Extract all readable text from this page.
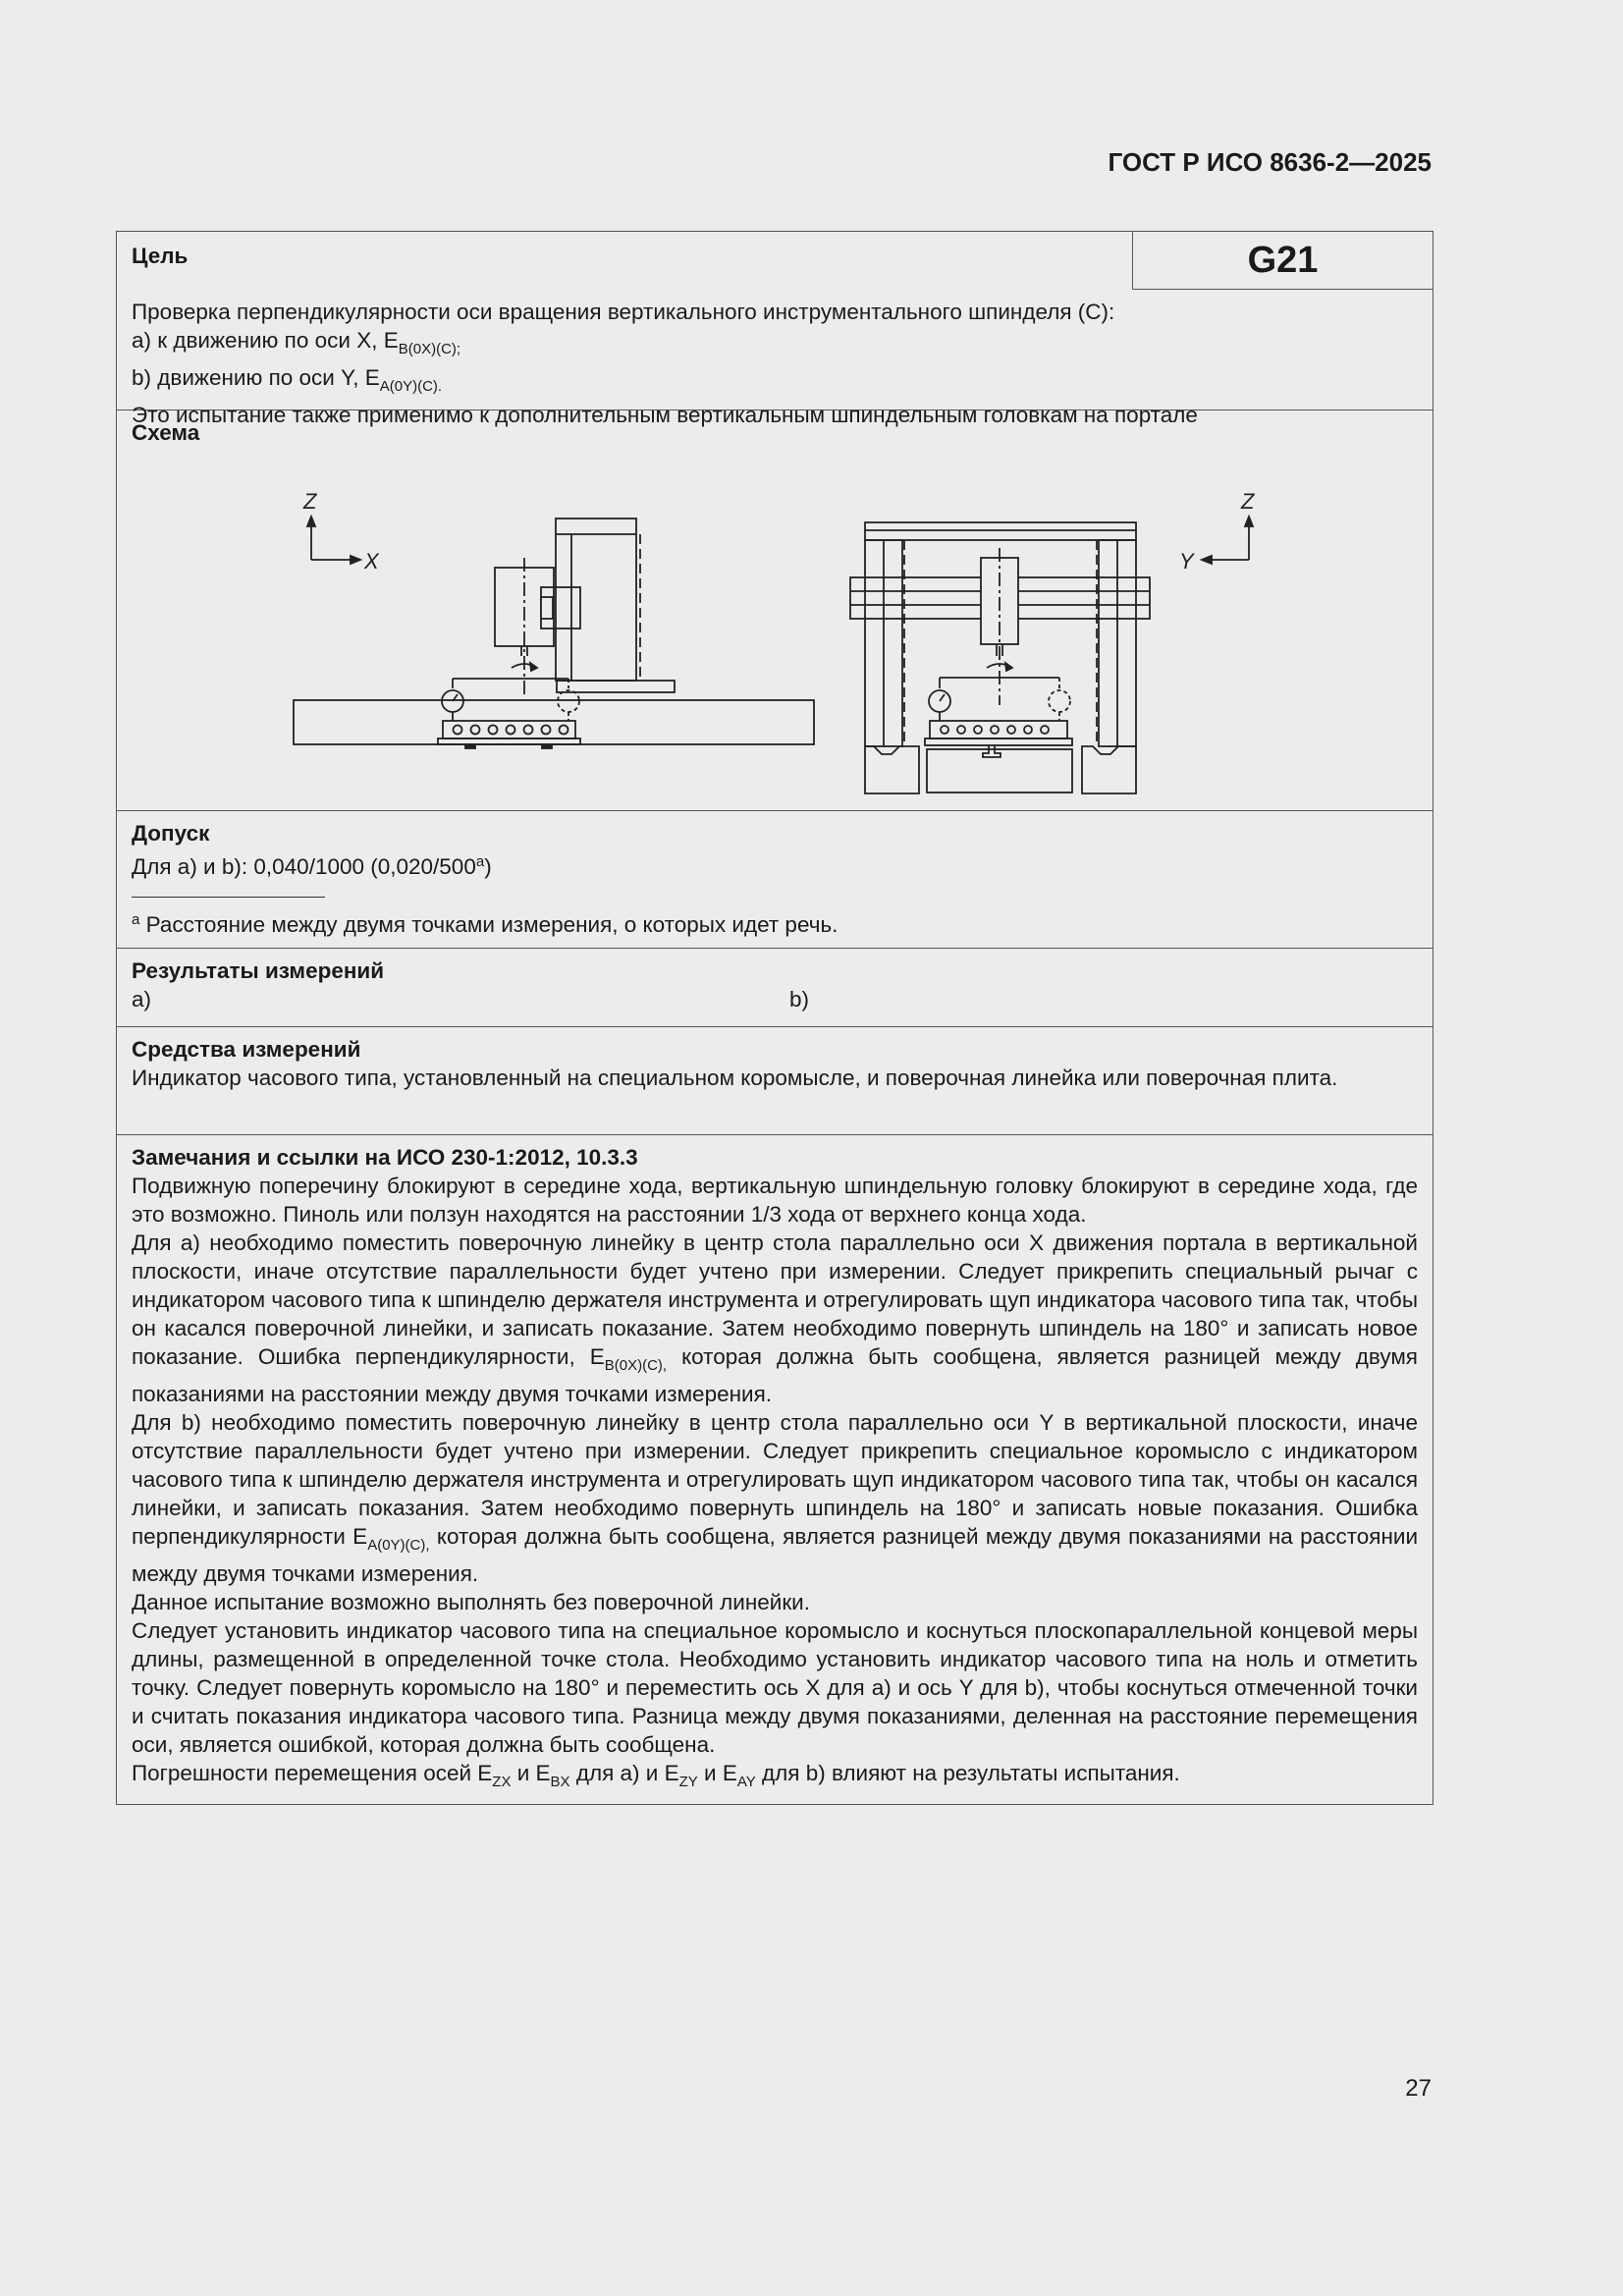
ГОСТ Р ИСО 8636-2—2025
Цель	G21
Проверка перпендикулярности оси вращения вертикального инструментального шпинделя (C):
a) к движению по оси X, $E_{B(0X)(C);}$
b) движению по оси Y, $E_{A(0Y)(C).}$
Это испытание также применимо к дополнительным вертикальным шпиндельным головкам на портале
Схема
Z
X
Z
Y
Допуск
Для a) и b): 0,040/1000 (0,020/500$^a$)
$^a$ Расстояние между двумя точками измерения, о которых идет речь.
Результаты измерений
a)	b)
Средства измерений
Индикатор часового типа, установленный на специальном коромысле, и поверочная линейка или поверочная плита.
Замечания и ссылки на ИСО 230-1:2012, 10.3.3
Подвижную поперечину блокируют в середине хода, вертикальную шпиндельную головку блокируют в середине хода, где это возможно. Пиноль или ползун находятся на расстоянии 1/3 хода от верхнего конца хода.
Для a) необходимо поместить поверочную линейку в центр стола параллельно оси X движения портала в вертикальной плоскости, иначе отсутствие параллельности будет учтено при измерении. Следует прикрепить специальный рычаг с индикатором часового типа к шпинделю держателя инструмента и отрегулировать щуп индикатора часового типа так, чтобы он касался поверочной линейки, и записать показание. Затем необходимо повернуть шпиндель на 180° и записать новое показание. Ошибка перпендикулярности, $E_{B(0X)(C),}$ которая должна быть сообщена, является разницей между двумя показаниями на расстоянии между двумя точками измерения.
Для b) необходимо поместить поверочную линейку в центр стола параллельно оси Y в вертикальной плоскости, иначе отсутствие параллельности будет учтено при измерении. Следует прикрепить специальное коромысло с индикатором часового типа к шпинделю держателя инструмента и отрегулировать щуп индикатором часового типа так, чтобы он касался линейки, и записать показания. Затем необходимо повернуть шпиндель на 180° и записать новые показания. Ошибка перпендикулярности $E_{A(0Y)(C),}$ которая должна быть сообщена, является разницей между двумя показаниями на расстоянии между двумя точками измерения.
Данное испытание возможно выполнять без поверочной линейки.
Следует установить индикатор часового типа на специальное коромысло и коснуться плоскопараллельной концевой меры длины, размещенной в определенной точке стола. Необходимо установить индикатор часового типа на ноль и отметить точку. Следует повернуть коромысло на 180° и переместить ось X для a) и ось Y для b), чтобы коснуться отмеченной точки и считать показания индикатора часового типа. Разница между двумя показаниями, деленная на расстояние перемещения оси, является ошибкой, которая должна быть сообщена.
Погрешности перемещения осей $E_{ZX}$ и $E_{BX}$ для a) и $E_{ZY}$ и $E_{AY}$ для b) влияют на результаты испытания.
27
